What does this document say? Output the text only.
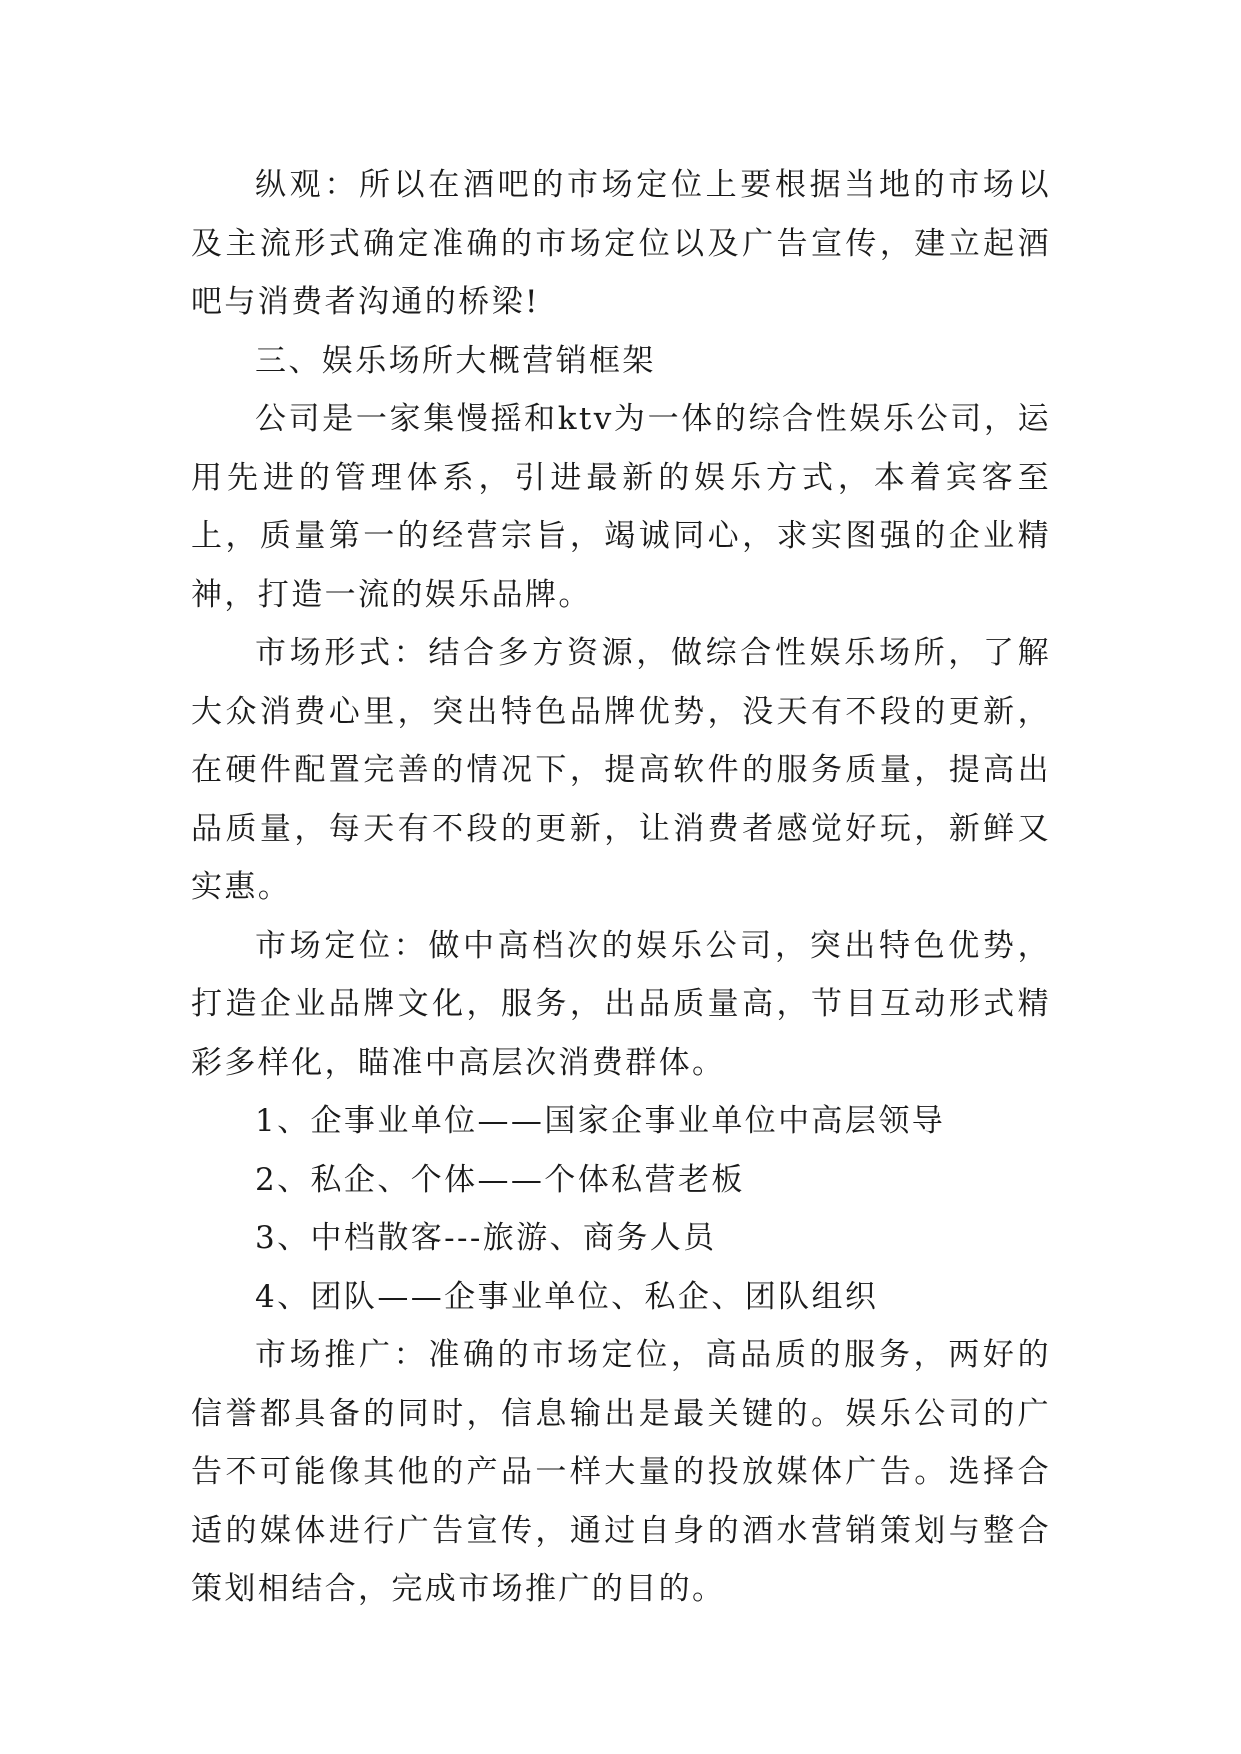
纵观：所以在酒吧的市场定位上要根据当地的市场以及主流形式确定准确的市场定位以及广告宣传，建立起酒吧与消费者沟通的桥梁!

三、娱乐场所大概营销框架

公司是一家集慢摇和ktv为一体的综合性娱乐公司，运用先进的管理体系，引进最新的娱乐方式，本着宾客至上，质量第一的经营宗旨，竭诚同心，求实图强的企业精神，打造一流的娱乐品牌。

市场形式：结合多方资源，做综合性娱乐场所，了解大众消费心里，突出特色品牌优势，没天有不段的更新，在硬件配置完善的情况下，提高软件的服务质量，提高出品质量，每天有不段的更新，让消费者感觉好玩，新鲜又实惠。

市场定位：做中高档次的娱乐公司，突出特色优势，打造企业品牌文化，服务，出品质量高，节目互动形式精彩多样化，瞄准中高层次消费群体。

1、企事业单位——国家企事业单位中高层领导

2、私企、个体——个体私营老板

3、中档散客---旅游、商务人员

4、团队——企事业单位、私企、团队组织

市场推广：准确的市场定位，高品质的服务，两好的信誉都具备的同时，信息输出是最关键的。娱乐公司的广告不可能像其他的产品一样大量的投放媒体广告。选择合适的媒体进行广告宣传，通过自身的酒水营销策划与整合策划相结合，完成市场推广的目的。
